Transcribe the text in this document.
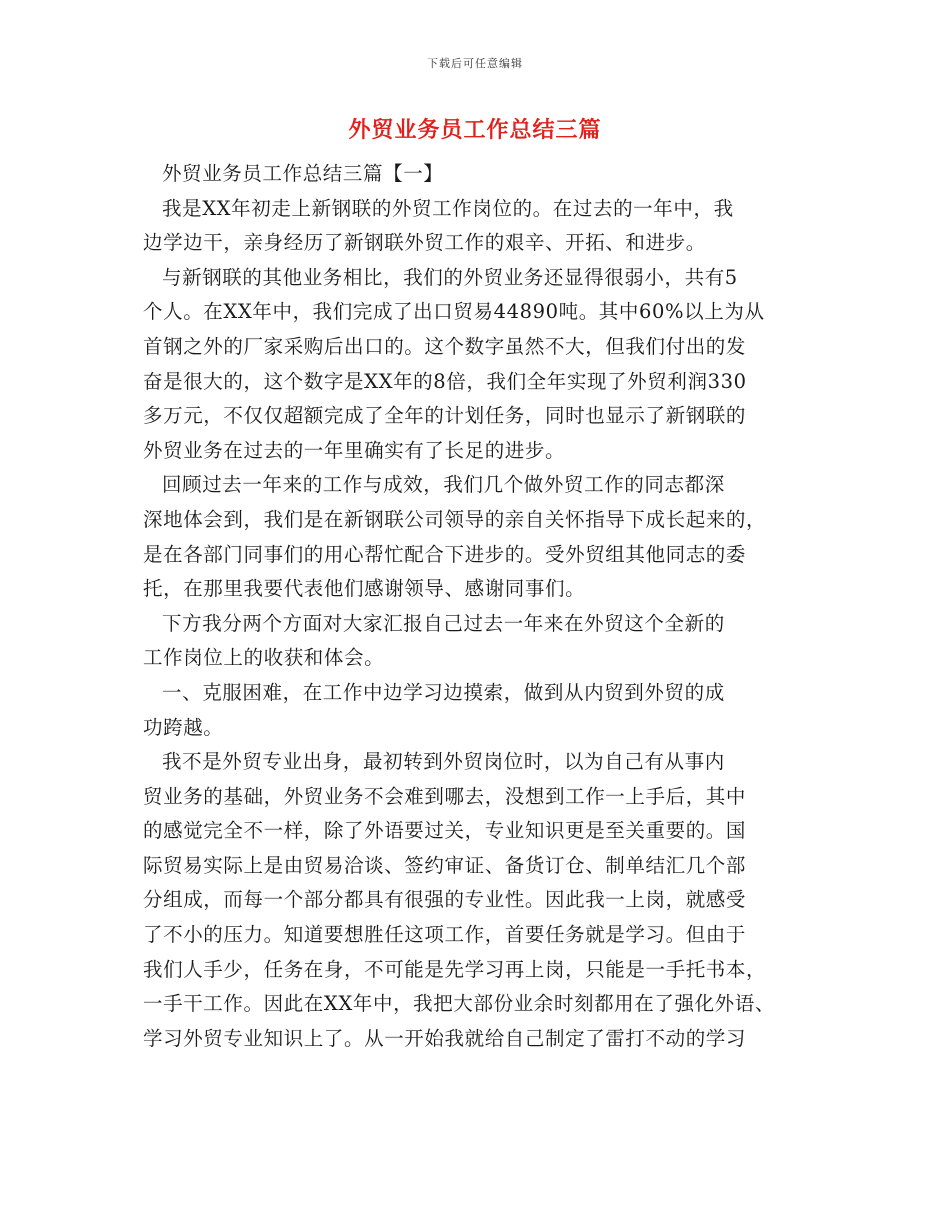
下载后可任意编辑
外贸业务员工作总结三篇
外贸业务员工作总结三篇【一】
我是XX年初走上新钢联的外贸工作岗位的。在过去的一年中，我
边学边干，亲身经历了新钢联外贸工作的艰辛、开拓、和进步。
与新钢联的其他业务相比，我们的外贸业务还显得很弱小，共有5
个人。在XX年中，我们完成了出口贸易44890吨。其中60%以上为从
首钢之外的厂家采购后出口的。这个数字虽然不大，但我们付出的发
奋是很大的，这个数字是XX年的8倍，我们全年实现了外贸利润330
多万元，不仅仅超额完成了全年的计划任务，同时也显示了新钢联的
外贸业务在过去的一年里确实有了长足的进步。
回顾过去一年来的工作与成效，我们几个做外贸工作的同志都深
深地体会到，我们是在新钢联公司领导的亲自关怀指导下成长起来的，
是在各部门同事们的用心帮忙配合下进步的。受外贸组其他同志的委
托，在那里我要代表他们感谢领导、感谢同事们。
下方我分两个方面对大家汇报自己过去一年来在外贸这个全新的
工作岗位上的收获和体会。
一、克服困难，在工作中边学习边摸索，做到从内贸到外贸的成
功跨越。
我不是外贸专业出身，最初转到外贸岗位时，以为自己有从事内
贸业务的基础，外贸业务不会难到哪去，没想到工作一上手后，其中
的感觉完全不一样，除了外语要过关，专业知识更是至关重要的。国
际贸易实际上是由贸易洽谈、签约审证、备货订仓、制单结汇几个部
分组成，而每一个部分都具有很强的专业性。因此我一上岗，就感受
了不小的压力。知道要想胜任这项工作，首要任务就是学习。但由于
我们人手少，任务在身，不可能是先学习再上岗，只能是一手托书本，
一手干工作。因此在XX年中，我把大部份业余时刻都用在了强化外语、
学习外贸专业知识上了。从一开始我就给自己制定了雷打不动的学习
